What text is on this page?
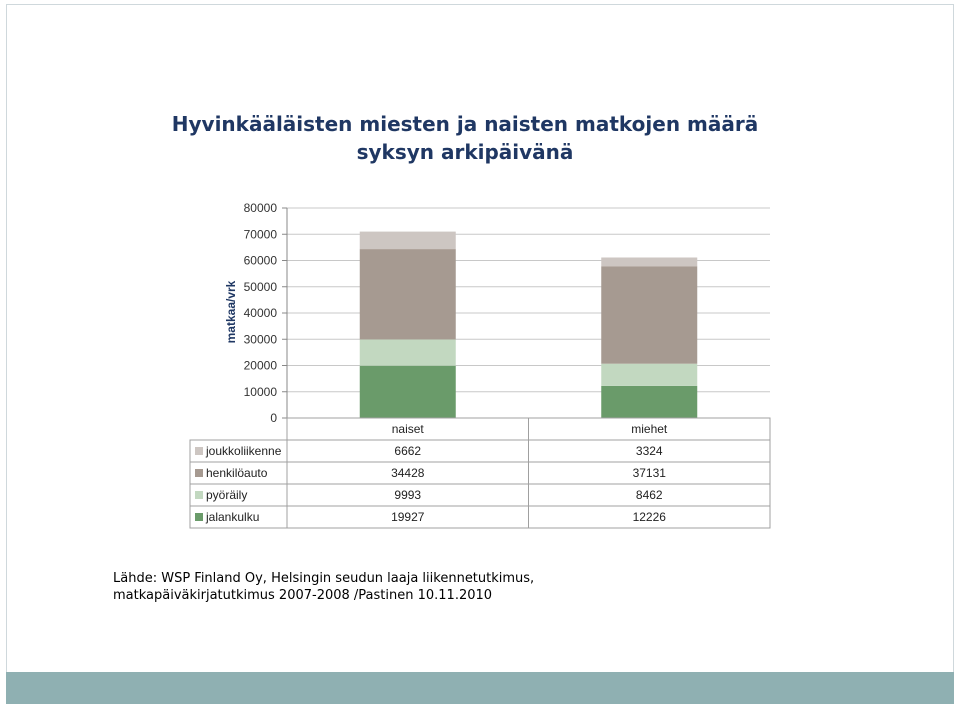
Hyvinkääläisten miesten ja naisten matkojen määrä syksyn arkipäivänä
80000
70000
60000
50000
40000
30000
20000
10000
0
naiset	miehet
joukkoliikenne	6662	3324
henkilöauto	34428	37131
pyöräily	9993	8462
jalankulku	19927	12226
matkaa/vrk
Lähde: WSP Finland Oy, Helsingin seudun laaja liikennetutkimus, matkapäiväkirjatutkimus 2007-2008 /Pastinen 10.11.2010
